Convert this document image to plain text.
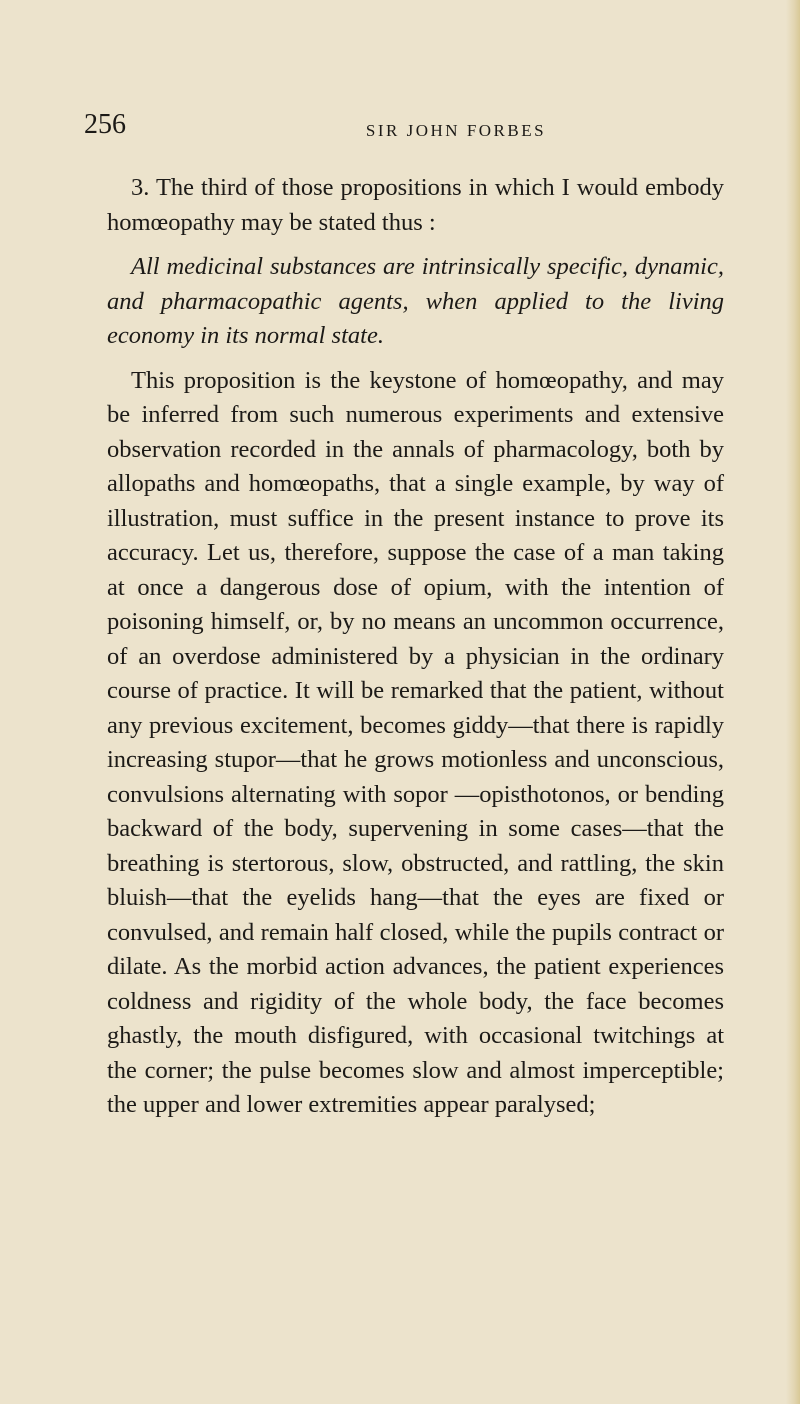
256	SIR JOHN FORBES

3. The third of those propositions in which I would embody homœopathy may be stated thus :

All medicinal substances are intrinsically specific, dynamic, and pharmacopathic agents, when applied to the living economy in its normal state.

This proposition is the keystone of homœopathy, and may be inferred from such numerous experiments and extensive observation recorded in the annals of pharmacology, both by allopaths and homœopaths, that a single example, by way of illustration, must suffice in the present instance to prove its accuracy. Let us, therefore, suppose the case of a man taking at once a dangerous dose of opium, with the intention of poisoning himself, or, by no means an uncommon occurrence, of an overdose administered by a physician in the ordinary course of practice. It will be remarked that the patient, without any previous excitement, becomes giddy—that there is rapidly increasing stupor—that he grows motionless and unconscious, convulsions alternating with sopor —opisthotonos, or bending backward of the body, supervening in some cases—that the breathing is stertorous, slow, obstructed, and rattling, the skin bluish—that the eyelids hang—that the eyes are fixed or convulsed, and remain half closed, while the pupils contract or dilate. As the morbid action advances, the patient experiences coldness and rigidity of the whole body, the face becomes ghastly, the mouth disfigured, with occasional twitchings at the corner; the pulse becomes slow and almost imperceptible; the upper and lower extremities appear paralysed;
